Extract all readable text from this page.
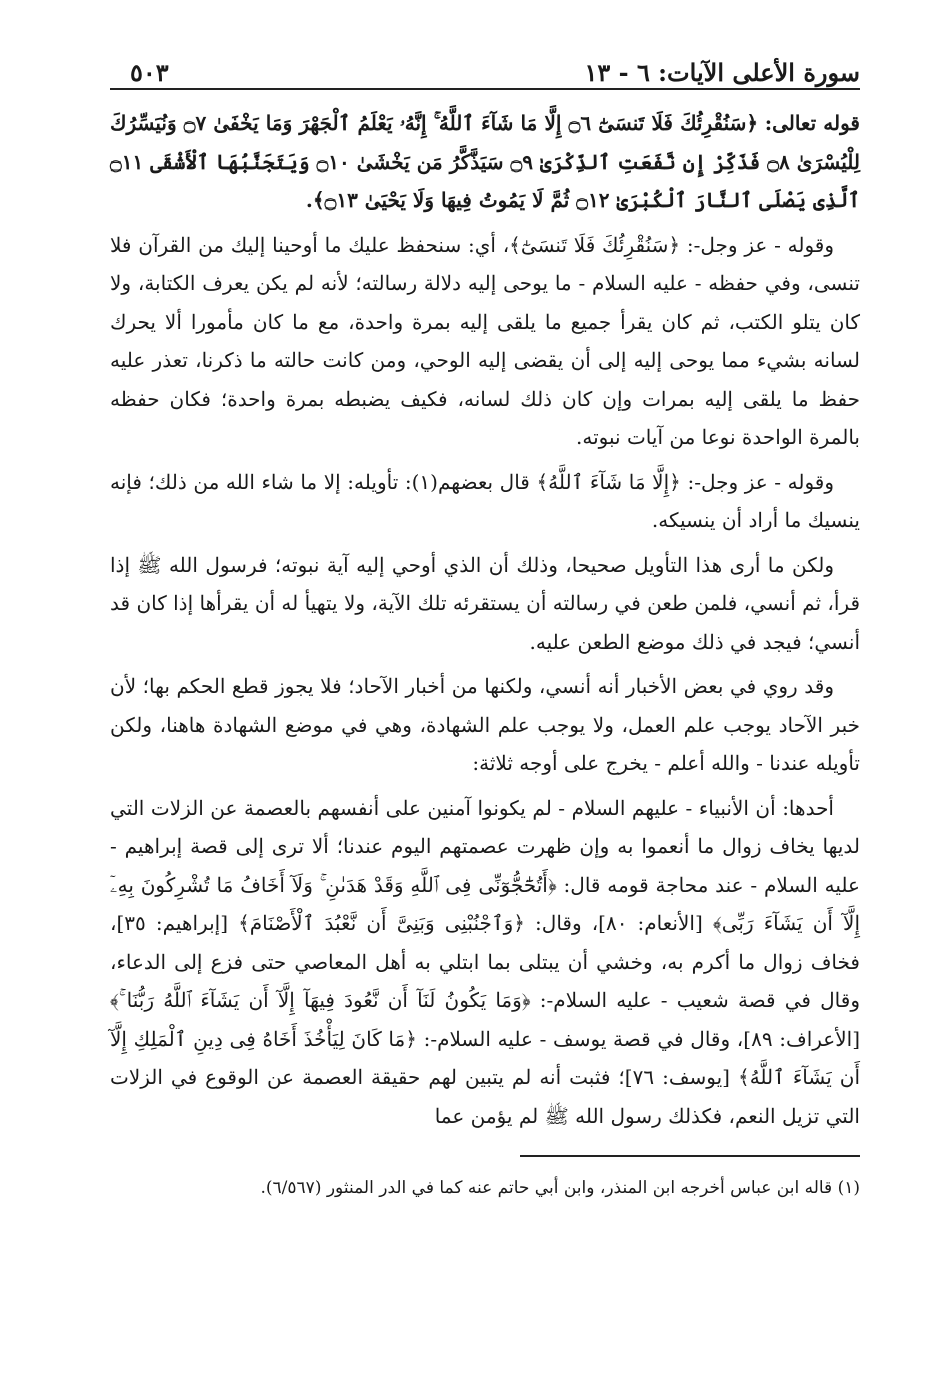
سورة الأعلى الآيات: ٦ - ١٣
٥٠٣

قوله تعالى: ﴿سَنُقْرِئُكَ فَلَا تَنسَىٰٓ ۝٦ إِلَّا مَا شَآءَ ٱللَّهُ ۚ إِنَّهُۥ يَعْلَمُ ٱلْجَهْرَ وَمَا يَخْفَىٰ ۝٧ وَنُيَسِّرُكَ لِلْيُسْرَىٰ ۝٨ فَذَكِّرْ إِن نَّفَعَتِ ٱلذِّكْرَىٰ ۝٩ سَيَذَّكَّرُ مَن يَخْشَىٰ ۝١٠ وَيَتَجَنَّبُهَا ٱلْأَشْقَى ۝١١ ٱلَّذِى يَصْلَى ٱلنَّارَ ٱلْكُبْرَىٰ ۝١٢ ثُمَّ لَا يَمُوتُ فِيهَا وَلَا يَحْيَىٰ ۝١٣﴾.

وقوله - عز وجل-: ﴿سَنُقْرِئُكَ فَلَا تَنسَىٰٓ﴾، أي: سنحفظ عليك ما أوحينا إليك من القرآن فلا تنسى، وفي حفظه - عليه السلام - ما يوحى إليه دلالة رسالته؛ لأنه لم يكن يعرف الكتابة، ولا كان يتلو الكتب، ثم كان يقرأ جميع ما يلقى إليه بمرة واحدة، مع ما كان مأمورا ألا يحرك لسانه بشيء مما يوحى إليه إلى أن يقضى إليه الوحي، ومن كانت حالته ما ذكرنا، تعذر عليه حفظ ما يلقى إليه بمرات وإن كان ذلك لسانه، فكيف يضبطه بمرة واحدة؛ فكان حفظه بالمرة الواحدة نوعا من آيات نبوته.

وقوله - عز وجل-: ﴿إِلَّا مَا شَآءَ ٱللَّهُ﴾ قال بعضهم(١): تأويله: إلا ما شاء الله من ذلك؛ فإنه ينسيك ما أراد أن ينسيكه.

ولكن ما أرى هذا التأويل صحيحا، وذلك أن الذي أوحي إليه آية نبوته؛ فرسول الله ﷺ إذا قرأ، ثم أنسي، فلمن طعن في رسالته أن يستقرئه تلك الآية، ولا يتهيأ له أن يقرأها إذا كان قد أنسي؛ فيجد في ذلك موضع الطعن عليه.

وقد روي في بعض الأخبار أنه أنسي، ولكنها من أخبار الآحاد؛ فلا يجوز قطع الحكم بها؛ لأن خبر الآحاد يوجب علم العمل، ولا يوجب علم الشهادة، وهي في موضع الشهادة هاهنا، ولكن تأويله عندنا - والله أعلم - يخرج على أوجه ثلاثة:

أحدها: أن الأنبياء - عليهم السلام - لم يكونوا آمنين على أنفسهم بالعصمة عن الزلات التي لديها يخاف زوال ما أنعموا به وإن ظهرت عصمتهم اليوم عندنا؛ ألا ترى إلى قصة إبراهيم - عليه السلام - عند محاجة قومه قال: ﴿أَتُحَٰٓجُّوٓنِّى فِى ٱللَّهِ وَقَدْ هَدَىٰنِ ۚ وَلَآ أَخَافُ مَا تُشْرِكُونَ بِهِۦٓ إِلَّآ أَن يَشَآءَ رَبِّى﴾ [الأنعام: ٨٠]، وقال: ﴿وَٱجْنُبْنِى وَبَنِىَّ أَن نَّعْبُدَ ٱلْأَصْنَامَ﴾ [إبراهيم: ٣٥]، فخاف زوال ما أكرم به، وخشي أن يبتلى بما ابتلي به أهل المعاصي حتى فزع إلى الدعاء، وقال في قصة شعيب - عليه السلام-: ﴿وَمَا يَكُونُ لَنَآ أَن نَّعُودَ فِيهَآ إِلَّآ أَن يَشَآءَ ٱللَّهُ رَبُّنَا ۚ﴾ [الأعراف: ٨٩]، وقال في قصة يوسف - عليه السلام-: ﴿مَا كَانَ لِيَأْخُذَ أَخَاهُ فِى دِينِ ٱلْمَلِكِ إِلَّآ أَن يَشَآءَ ٱللَّهُ﴾ [يوسف: ٧٦]؛ فثبت أنه لم يتبين لهم حقيقة العصمة عن الوقوع في الزلات التي تزيل النعم، فكذلك رسول الله ﷺ لم يؤمن عما

(١) قاله ابن عباس أخرجه ابن المنذر، وابن أبي حاتم عنه كما في الدر المنثور (٦/٥٦٧).
